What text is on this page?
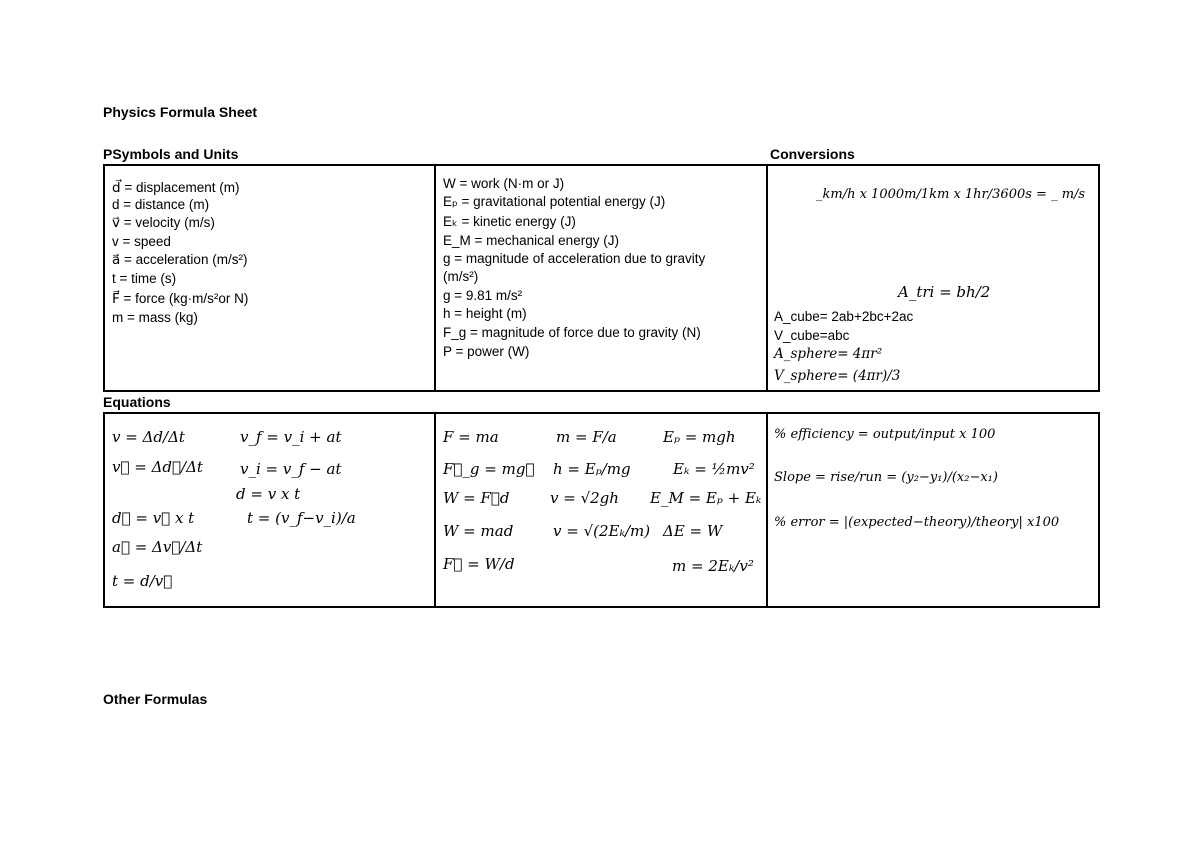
Physics Formula Sheet
PSymbols and Units	Conversions
Equations
Other Formulas
d⃗ = displacement (m)
d = distance (m)
v⃗ = velocity (m/s)
v = speed
a⃗ = acceleration (m/s²)
t = time (s)
F⃗ = force (kg·m/s²or N)
m = mass (kg)
W = work (N·m or J)
Eₚ = gravitational potential energy (J)
Eₖ = kinetic energy (J)
E_M = mechanical energy (J)
g = magnitude of acceleration due to gravity
(m/s²)
g = 9.81 m/s²
h = height (m)
F_g = magnitude of force due to gravity (N)
P = power (W)
_km/h x 1000m/1km x 1hr/3600s = _ m/s
A_tri = bh/2
A_cube= 2ab+2bc+2ac
V_cube=abc
A_sphere= 4πr²
V_sphere= (4πr)/3
v = Δd/Δt
v⃗ = Δd⃗/Δt
d⃗ = v⃗ x t
a⃗ = Δv⃗/Δt
t = d/v⃗
v_f = v_i + at
v_i = v_f − at
d = v x t
t = (v_f−v_i)/a
F = ma
F⃗_g = mg⃗
W = F⃗d
W = mad
F⃗ = W/d
m = F/a
h = Eₚ/mg
v = √2gh
v = √(2Eₖ/m)
Eₚ = mgh
Eₖ = ½mv²
E_M = Eₚ + Eₖ
ΔE = W
m = 2Eₖ/v²
% efficiency = output/input x 100
Slope = rise/run = (y₂−y₁)/(x₂−x₁)
% error = |(expected−theory)/theory| x100
